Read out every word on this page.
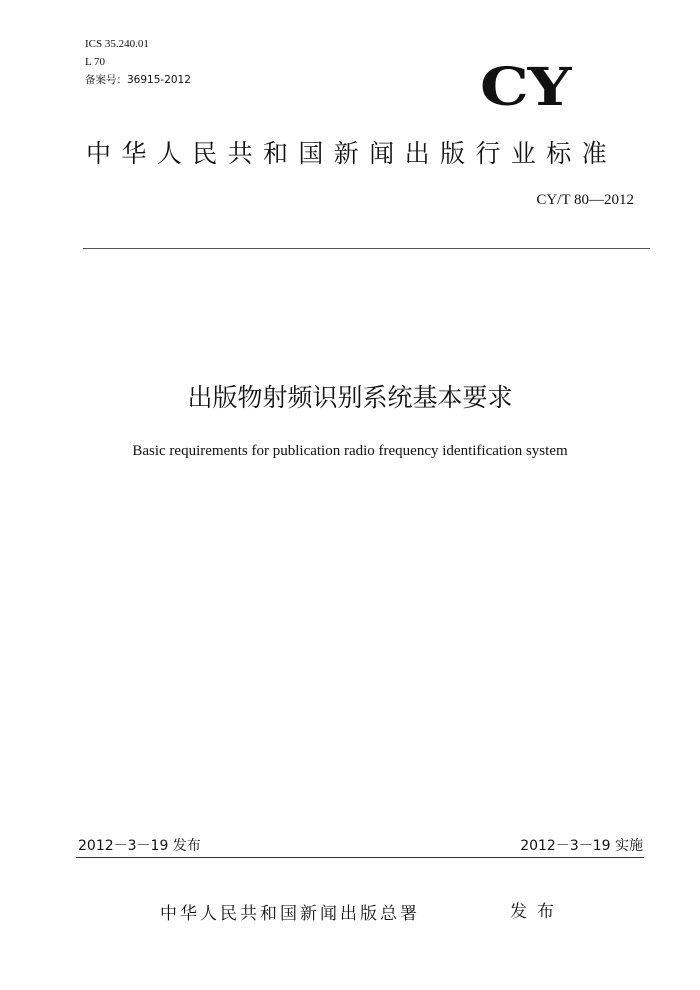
ICS 35.240.01
L 70
备案号：36915-2012	CY
中华人民共和国新闻出版行业标准
CY/T 80—2012
出版物射频识别系统基本要求
Basic requirements for publication radio frequency identification system
2012－3－19 发布	2012－3－19 实施
中华人民共和国新闻出版总署	发布
